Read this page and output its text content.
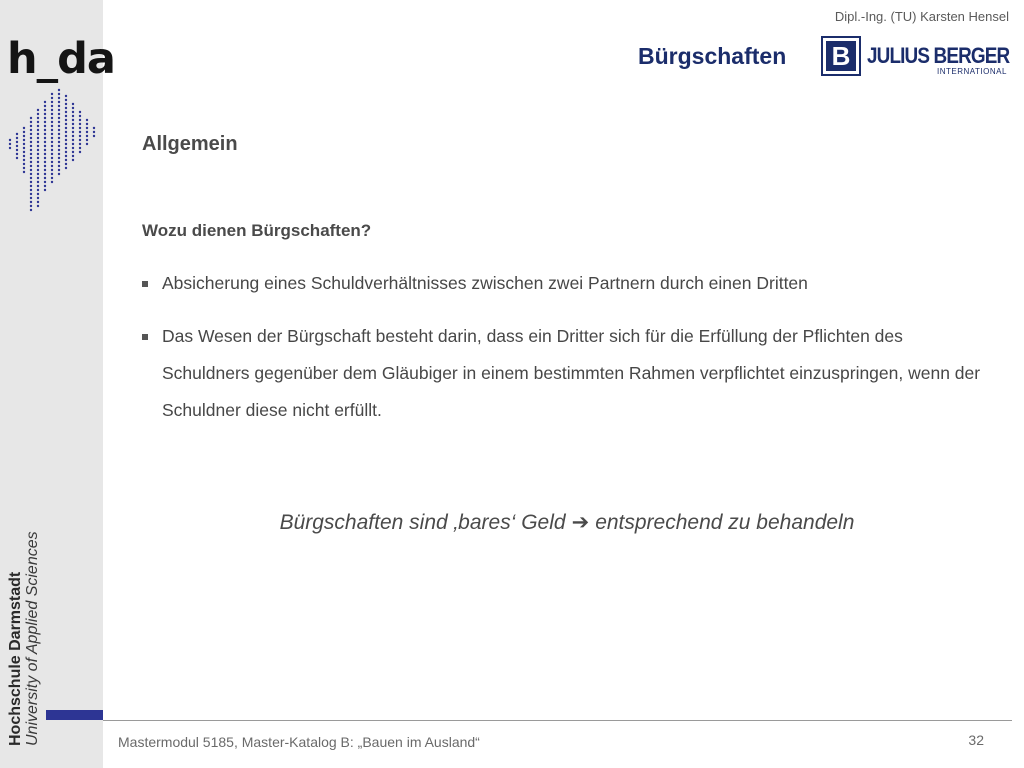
h_da
Hochschule Darmstadt University of Applied Sciences
Dipl.-Ing. (TU) Karsten Hensel
Bürgschaften B JULIUS BERGER
INTERNATIONAL
Allgemein
Wozu dienen Bürgschaften?
Absicherung eines Schuldverhältnisses zwischen zwei Partnern durch einen Dritten
Das Wesen der Bürgschaft besteht darin, dass ein Dritter sich für die Erfüllung der Pflichten des Schuldners gegenüber dem Gläubiger in einem bestimmten Rahmen verpflichtet einzuspringen, wenn der Schuldner diese nicht erfüllt.
Bürgschaften sind ‚bares‘ Geld ➔ entsprechend zu behandeln
Mastermodul 5185, Master-Katalog B: „Bauen im Ausland“	32
